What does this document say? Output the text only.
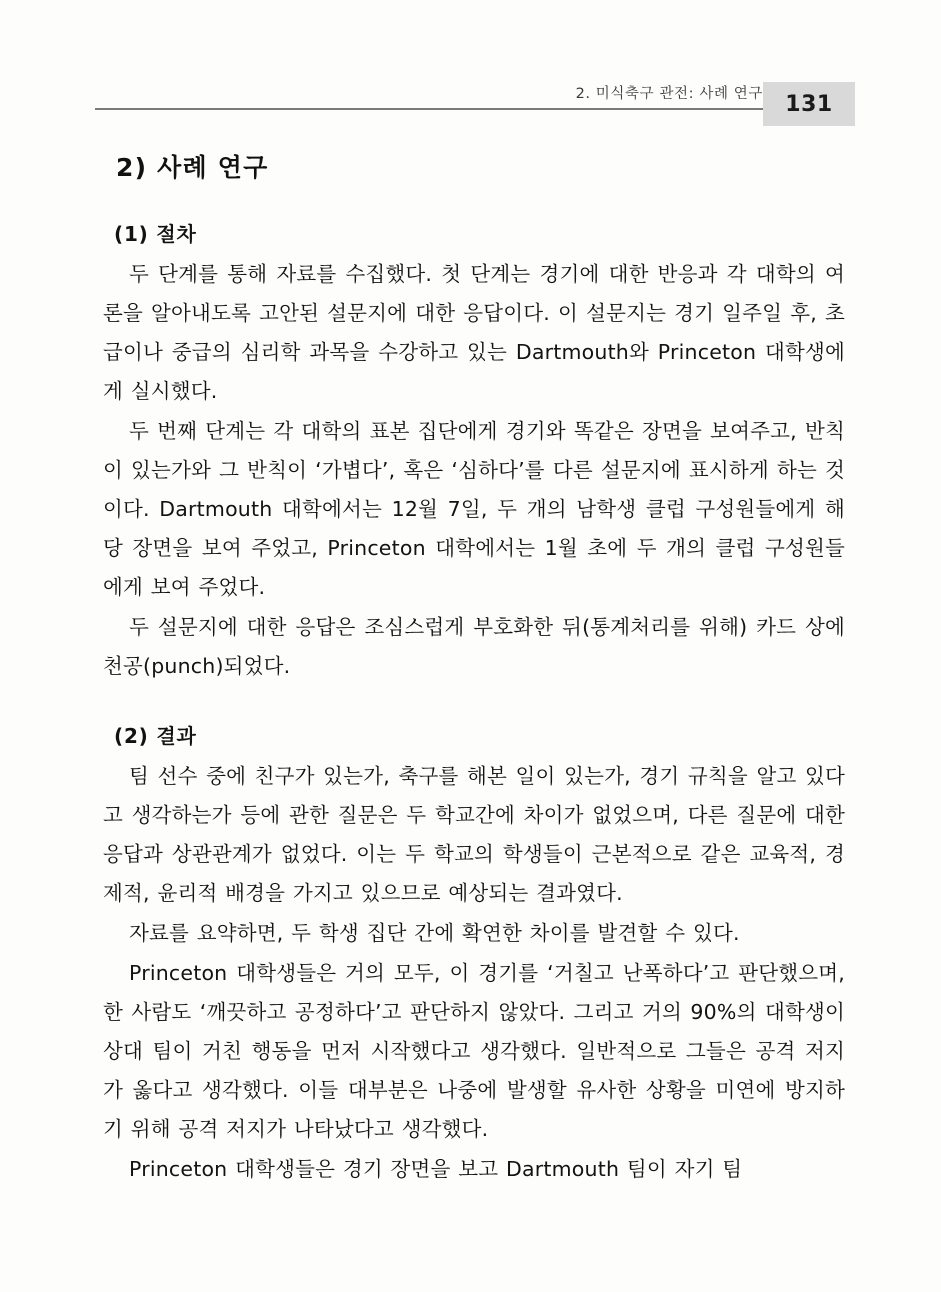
2. 미식축구 관전: 사례 연구 131
2) 사례 연구
(1) 절차

두 단계를 통해 자료를 수집했다. 첫 단계는 경기에 대한 반응과 각 대학의 여론을 알아내도록 고안된 설문지에 대한 응답이다. 이 설문지는 경기 일주일 후, 초급이나 중급의 심리학 과목을 수강하고 있는 Dartmouth와 Princeton 대학생에게 실시했다.

두 번째 단계는 각 대학의 표본 집단에게 경기와 똑같은 장면을 보여주고, 반칙이 있는가와 그 반칙이 ‘가볍다’, 혹은 ‘심하다’를 다른 설문지에 표시하게 하는 것이다. Dartmouth 대학에서는 12월 7일, 두 개의 남학생 클럽 구성원들에게 해당 장면을 보여 주었고, Princeton 대학에서는 1월 초에 두 개의 클럽 구성원들에게 보여 주었다.

두 설문지에 대한 응답은 조심스럽게 부호화한 뒤(통계처리를 위해) 카드 상에 천공(punch)되었다.

(2) 결과

팀 선수 중에 친구가 있는가, 축구를 해본 일이 있는가, 경기 규칙을 알고 있다고 생각하는가 등에 관한 질문은 두 학교간에 차이가 없었으며, 다른 질문에 대한 응답과 상관관계가 없었다. 이는 두 학교의 학생들이 근본적으로 같은 교육적, 경제적, 윤리적 배경을 가지고 있으므로 예상되는 결과였다.

자료를 요약하면, 두 학생 집단 간에 확연한 차이를 발견할 수 있다.

Princeton 대학생들은 거의 모두, 이 경기를 ‘거칠고 난폭하다’고 판단했으며, 한 사람도 ‘깨끗하고 공정하다’고 판단하지 않았다. 그리고 거의 90%의 대학생이 상대 팀이 거친 행동을 먼저 시작했다고 생각했다. 일반적으로 그들은 공격 저지가 옳다고 생각했다. 이들 대부분은 나중에 발생할 유사한 상황을 미연에 방지하기 위해 공격 저지가 나타났다고 생각했다.

Princeton 대학생들은 경기 장면을 보고 Dartmouth 팀이 자기 팀
